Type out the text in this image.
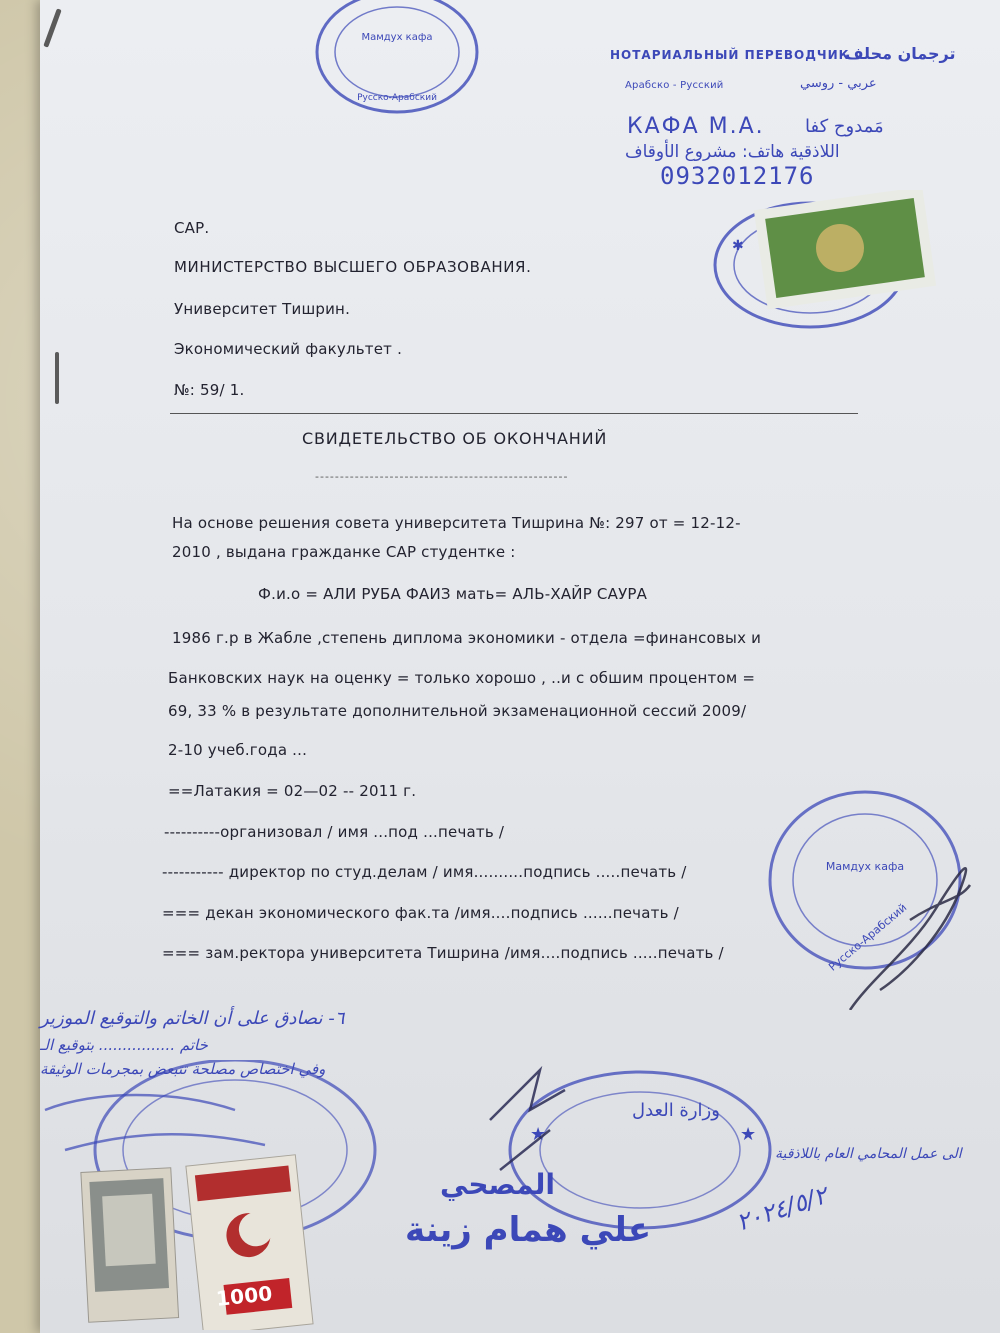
Мамдух кафа
Русско-Арабский
НОТАРИАЛЬНЫЙ ПЕРЕВОДЧИК
ترجمان محلف
Арабско - Русский	عربي - روسي
КАФА М.А. مَمدوح كفا
اللاذقية هاتف: مشروع الأوقاف
0932012176
САР.
МИНИСТЕРСТВО ВЫСШЕГО ОБРАЗОВАНИЯ.
Университет Тишрин.
Экономический факультет .
№: 59/ 1.
✱
СВИДЕТЕЛЬСТВО ОБ ОКОНЧАНИЙ
---------------------------------------------------
На основе решения совета университета Тишрина №: 297 от = 12-12-
2010 , выдана гражданке САР студентке :
Ф.и.о = АЛИ РУБА ФАИЗ мать= АЛЬ-ХАЙР САУРА
1986 г.р в Жабле ,степень диплома экономики - отдела =финансовых и
Банковских наук на оценку = только хорошо , ..и с обшим процентом =
69, 33 % в результате дополнительной экзаменационной сессий 2009/
2-10 учеб.года ...
==Латакия = 02—02 -- 2011 г.
----------организовал / имя ...под ...печать /
----------- директор по студ.делам / имя..........подпись .....печать /
=== декан экономического фак.та /имя....подпись ......печать /
=== зам.ректора университета Тишрина /имя....подпись .....печать /
Мамдух кафа
Русско-Арабский
٦- نصادق على أن الخاتم والتوقيع الموزير
خاتم ................ بتوقيع الـ
وفي اختصاص مصلحة تتبعض بمجرمات الوثيقة
1000
★	★
وزارة العدل
الى عمل المحامي العام باللاذقية
المصحي
علي همام زينة	٢٠٢٤/٥/٢
